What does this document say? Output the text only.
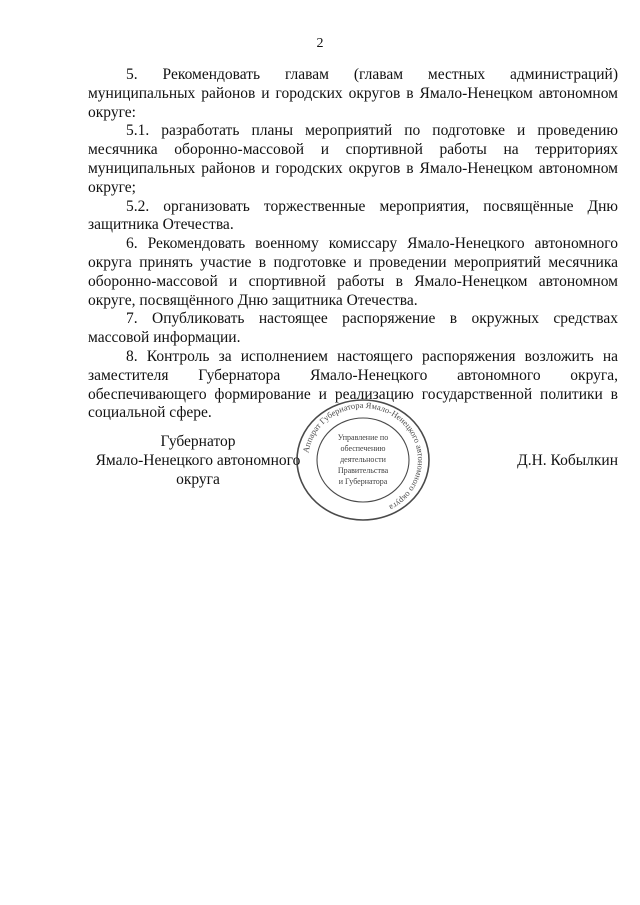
2

5. Рекомендовать главам (главам местных администраций) муниципальных районов и городских округов в Ямало-Ненецком автономном округе:

5.1. разработать планы мероприятий по подготовке и проведению месячника оборонно-массовой и спортивной работы на территориях муниципальных районов и городских округов в Ямало-Ненецком автономном округе;

5.2. организовать торжественные мероприятия, посвящённые Дню защитника Отечества.

6. Рекомендовать военному комиссару Ямало-Ненецкого автономного округа принять участие в подготовке и проведении мероприятий месячника оборонно-массовой и спортивной работы в Ямало-Ненецком автономном округе, посвящённого Дню защитника Отечества.

7. Опубликовать настоящее распоряжение в окружных средствах массовой информации.

8. Контроль за исполнением настоящего распоряжения возложить на заместителя Губернатора Ямало-Ненецкого автономного округа, обеспечивающего формирование и реализацию государственной политики в социальной сфере.

Губернатор
Ямало-Ненецкого автономного округа
Д.Н. Кобылкин
Аппарат Губернатора Ямало-Ненецкого автономного округа
Управление по
обеспечению
деятельности
Правительства
и Губернатора
